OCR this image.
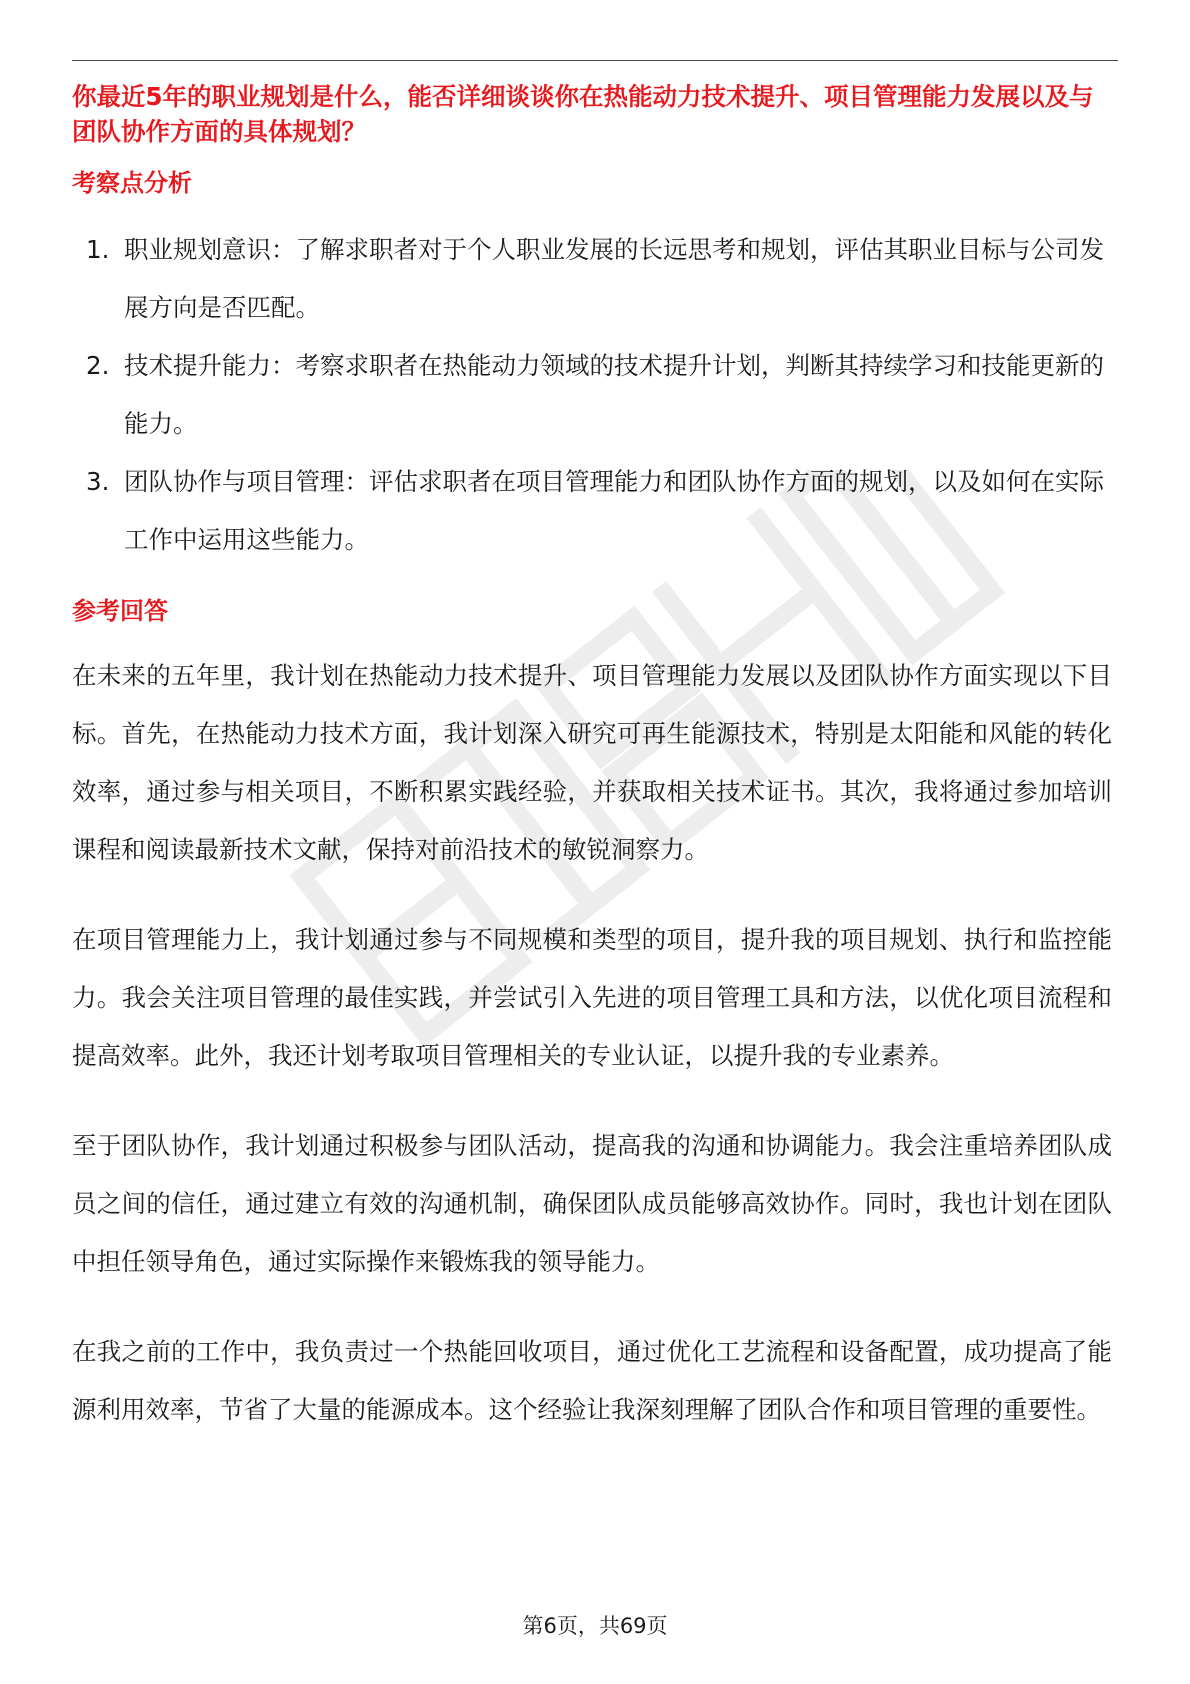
你最近5年的职业规划是什么，能否详细谈谈你在热能动力技术提升、项目管理能力发展以及与团队协作方面的具体规划？

考察点分析
1. 职业规划意识：了解求职者对于个人职业发展的长远思考和规划，评估其职业目标与公司发展方向是否匹配。
2. 技术提升能力：考察求职者在热能动力领域的技术提升计划，判断其持续学习和技能更新的能力。
3. 团队协作与项目管理：评估求职者在项目管理能力和团队协作方面的规划，以及如何在实际工作中运用这些能力。
参考回答

在未来的五年里，我计划在热能动力技术提升、项目管理能力发展以及团队协作方面实现以下目标。首先，在热能动力技术方面，我计划深入研究可再生能源技术，特别是太阳能和风能的转化效率，通过参与相关项目，不断积累实践经验，并获取相关技术证书。其次，我将通过参加培训课程和阅读最新技术文献，保持对前沿技术的敏锐洞察力。

在项目管理能力上，我计划通过参与不同规模和类型的项目，提升我的项目规划、执行和监控能力。我会关注项目管理的最佳实践，并尝试引入先进的项目管理工具和方法，以优化项目流程和提高效率。此外，我还计划考取项目管理相关的专业认证，以提升我的专业素养。

至于团队协作，我计划通过积极参与团队活动，提高我的沟通和协调能力。我会注重培养团队成员之间的信任，通过建立有效的沟通机制，确保团队成员能够高效协作。同时，我也计划在团队中担任领导角色，通过实际操作来锻炼我的领导能力。

在我之前的工作中，我负责过一个热能回收项目，通过优化工艺流程和设备配置，成功提高了能源利用效率，节省了大量的能源成本。这个经验让我深刻理解了团队合作和项目管理的重要性。

第6页，共69页
